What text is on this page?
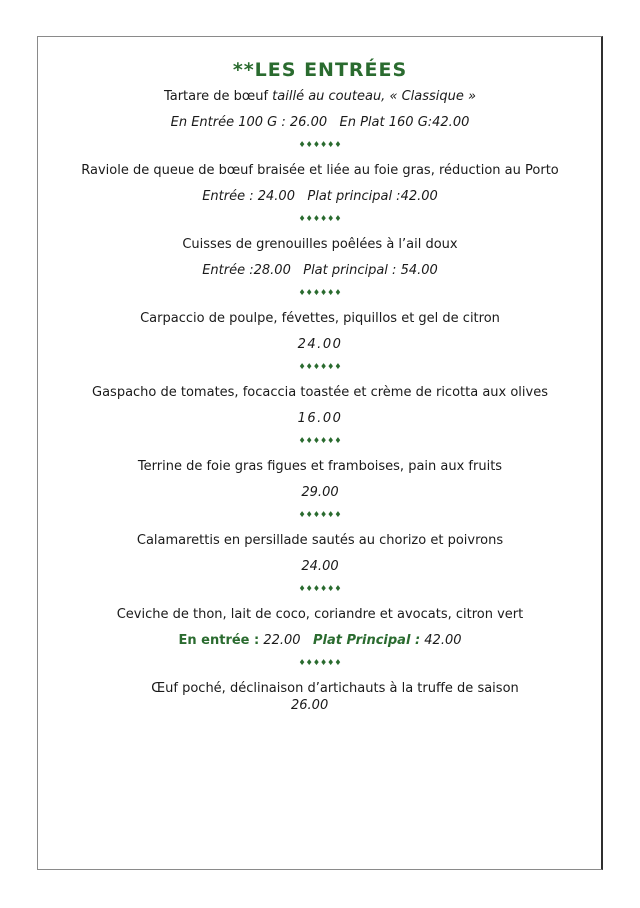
**LES ENTRÉES
Tartare de bœuf taillé au couteau, « Classique »
En Entrée 100 G : 26.00   En Plat 160 G:42.00
♦♦♦♦♦♦
Raviole de queue de bœuf braisée et liée au foie gras, réduction au Porto
Entrée : 24.00   Plat principal :42.00
♦♦♦♦♦♦
Cuisses de grenouilles poêlées à l’ail doux
Entrée :28.00   Plat principal : 54.00
♦♦♦♦♦♦
Carpaccio de poulpe, févettes, piquillos et gel de citron
24.00
♦♦♦♦♦♦
Gaspacho de tomates, focaccia toastée et crème de ricotta aux olives
16.00
♦♦♦♦♦♦
Terrine de foie gras figues et framboises, pain aux fruits
29.00
♦♦♦♦♦♦
Calamarettis en persillade sautés au chorizo et poivrons
24.00
♦♦♦♦♦♦
Ceviche de thon, lait de coco, coriandre et avocats, citron vert
En entrée : 22.00   Plat Principal : 42.00
♦♦♦♦♦♦
Œuf poché, déclinaison d’artichauts à la truffe de saison
26.00
